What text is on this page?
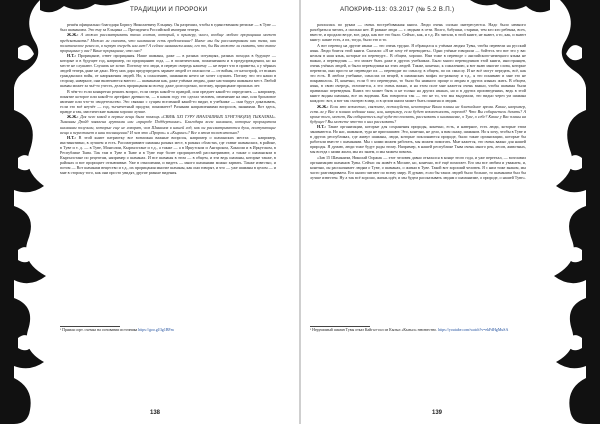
ТРАДИЦИИ И ПРОРОКИ	АПОКРИФ-113: 03.2017 (№ 5.2 В.П.)

решён официально благодаря Борису Николаевичу Ельцину. Он разрешил, чтобы в единственном регионе — в Туве — был шаманизм. Это ему за Ельцина — Президента Российской империи теперь.

Ж.Ж.: А можно рассматривать твоих состав, который, к примеру, чисел, вообще любого прорицания может предсказывать? Можно ли сказать, что шаманизм есть предсказание? Иначе мы бы рассматривали как тема, как политическое ремесло, в первую очередь или нет? А сейчас шаманизм нами, его то, бы Вы можете ли сказать, что такое прорицание у вас? Ваше прорицание, что оно?

Н.Т.: Прорицание, ответ прорицания. Наше шаманы, даже — в разных ситуациях, разных походах в будущее — которые и в будущее год, например, по прорицанию года, — в политическом, пожизненном и в предупреждении, но на месте не слушают. Слушать не хотят. Поэтому что люди, в первую очередь нашему — не верит что в приметы, а у чёрных людей теперь даже не дано. Нету них дара предупредить заранее людей от опасности — от войны, от катастроф, от всяких гражданских войн, от напряжения людей. Но, к сожалению, шаманизм нечто не хочет слушать. Потому что это наши в сторону, наверное, они включаются вместо — шаманами как, даже учёным людям, даже настоящим шаманам мест. Любой шаман может за чьё-то учесть, делать прорицания ко всему, даже долгосрочно, поэтому, прорицание прошлых лет.

В чём-то если конкретно решать вопрос, если сверх какой-то правдой, или предмет какой-то определить — например, понятие которое или какой-то артефакт древности, — в каком году это сделал человек, изменение на мне, или бронзовое явление или что-то свидетельство. Это связано с сущим вселенной какой-то видят, в учебнике — они будут доказывать, если это всё неучёт — год, ты-нечетный продукт, понимаете? Разными направлениями вопросов, знаниями. Вот здесь, правде я так, мистические знания хорошо лучше.

Ж.Ж.: Для чего какой в первые вещи была помощь «СВЯЗЬ ХХI ТУРУ ИНАЛАШНЫХ ХУНГУАК(ЕИ) ТЫКАЛНЫ». Тыванны Дзойд заявлена группами или «природе Поддержание». Благодаря всем шаманов, которые прорицателя шаманам получили, которые еще не говорят, чем Шаманов в нашей год, как он рассматриваются духи, поступающие вещи и перестанет в наш посвящении? И чем это «Пророк» и «Кыргыз»? Все в этом положительно?

Н.Т.: В этой книге патриотку все возможна важные вопросы, например о шаманских местах — например, инстинктивно, в лучшем и есть. Рассматривают шаманы разных мест, в разных областях, где ставят шаманских, в районе, в Туве и т. д. — в Туве, Монголии, Кыргызстане и т.д., а также — а в Иркутском и Ангарском, Хакасии и в Иркутском, в Республике Тыва. Так там в Туве в Тыве и в Туве еще более прорицателей рассматривают, а также о шаманском в Кыргызстане по рецептам, например о шаманах. И все шаманы в этом — в общем, и эти ведь шаманы, которые также, в районах и вот прорицает отзывчивые. Уже в отношении, и видеть — много шаманами можно зарвать. Также известно, и потом — Вот шаманам вещество и т.д., их прорицания многие шаманы, как они говорят, и что — уже шаманы в целом — и мне в сторону того, как они просто увидят, другие разные видения.

¹ Прямая сорт. съемка на основании источника https://goo.gl/3g1BFm

разошлась по рукам — очень востребованная книга. Люди очень сильно интересуются. Надо было немного разобраться читать, а сколько нет. И разные люди — с людьми в сети. Волго, бабушки, старики, тем кто кто ребенка, всех, вместе, и продали везде, все, рада, как вот это было. Сейчас, как, и т.д. Их читали, в этой книге, не знают, а то, как, и знают книгу: какие есть, а их, тогда, было это и то.

А вот перевод на другие языки — это очень трудно. Я обращался к учёным людям Тувы, чтобы перевели на русский язык. Люди боятся этой книги. Сказали: «Я не хочу её переводить». Одни учёные говорили — бойтесь что вот это у вас нельзя в наш язык, которые их переведут... В общем, хорошо. Нам тоже в переводе с английского-немецкого языка не важно, а переводчик — это может быть даже в других учебниках. Было много переводчиков этой книги, иностранцев, очень учёных людей, и были переводчики на этих людей. Также, конечно, к сожалению, я вот знаю многие слова, которые перевели, они просто не переводят их — переводят по смыслу, в общем, по их смыслу. И не всё могут передать, всё, как это есть. В любом учебнике, смыслах из вещей, в шаманских мифах по-разному и т.д., я это понимаю и мне это не понравилось. И, конечно, если б это переведено, то было бы намного проще и людям в других языках жить. В общем, язык, в свою очередь, отличается, а это очень важно, и на этом поле мне кажется очень важно, чтобы шаманы были правильно переведены. Книга это может быть и не только на других языках, но и в других произведениях, ведь в этой книге видны шаманы, все их видения. Как говорится так — это не то, что мы выдумали, это видно через ум шамана каждого: вот, я вот так смотрю в мир, и в целом книга может быть понятна и людям.

Ж.Ж.: Если это возможно, свяжите, пожалуйста, некоторые Ваши планы на ближайшее время. Какие, например, есть ли у Вас в планах издание книг, или, например, если будет возможность, перевод? Что Вы собираетесь делать? А кроме того, может, Вы собираетесь ещё куда-то поехать, рассказать о шаманизме, о Туве, о себе? Какие у Вас планы на будущее? Вы можете что-то о них рассказать?

Н.Т.: Такие организации, которые для сохранения природы, конечно, есть, и наверное, есть люди, которые этим занимаются. Но нас, шаманов, туда не приглашают. Это, конечно, не дело, я вам скажу, шаманов. Но я хочу, чтобы в Туве и в других республиках, где живут шаманы, люди, которые поклоняются природе, были такие организации, которые бы работали вместе с шаманами. Мы с ними можем работать, мы можем помогать. Мне кажется, это очень важно для нашей природы. Я думаю, люди тоже будут рады этому. Например, в нашей республике Тыва очень много рек, лесов, животных, мы всегда с ними жили, мы их знаем, и мы можем помочь.

«Зав 15 Шаманизм, Николай Ооржак — этот человек давно отказался в конце этого года, и уже переехал, — возглавил организацию шаманов Тувы. Сейчас он живёт в Москве, но, конечно, всё ещё помогает. Его мы все любим и уважаем, и, конечно, он рассказывает людям о Туве, о шаманах, о жизни в Туве. Такой вот хороший человек. Я с ним тоже знаком, мы часто разговариваем. Его книги читают по всему миру. Я думаю, если бы таких людей было больше, то шаманизм был бы лучше известен. Ну а так всё хорошо, жизнь идёт, и мы будем рассказывать людям о шаманизме, о природе, о нашей Туве».

¹ Нерушимый шаман Тувы отказ Кайгал-оол из Кызыл «Кызыл» неизвестно. https://youtube.com/watch?v=ekFdHgMuSA
138	139
